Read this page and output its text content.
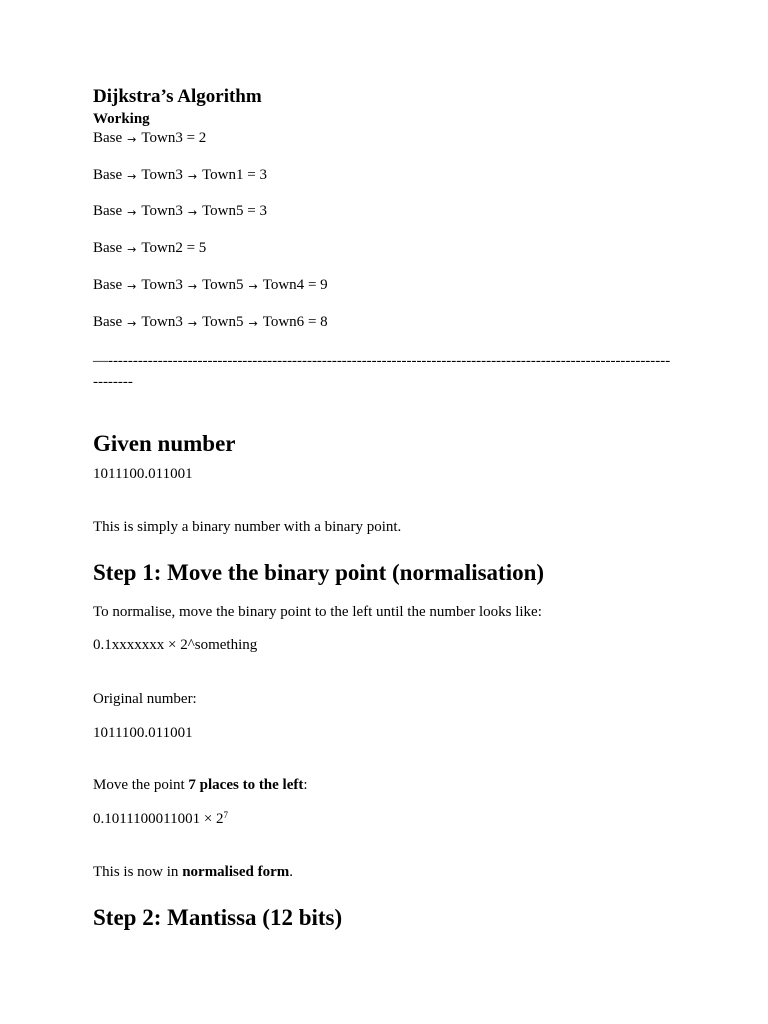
Dijkstra’s Algorithm
Working
Base → Town3 = 2
Base → Town3 → Town1 = 3
Base → Town3 → Town5 = 3
Base → Town2 = 5
Base → Town3 → Town5 → Town4 = 9
Base → Town3 → Town5 → Town6 = 8
—-------------------------------------------------------------------------------------------------------------------------
Given number
1011100.011001
This is simply a binary number with a binary point.
Step 1: Move the binary point (normalisation)
To normalise, move the binary point to the left until the number looks like:
0.1xxxxxxx × 2^something
Original number:
1011100.011001
Move the point 7 places to the left:
$0.1011100011001 \times 2^7$
This is now in normalised form.
Step 2: Mantissa (12 bits)
